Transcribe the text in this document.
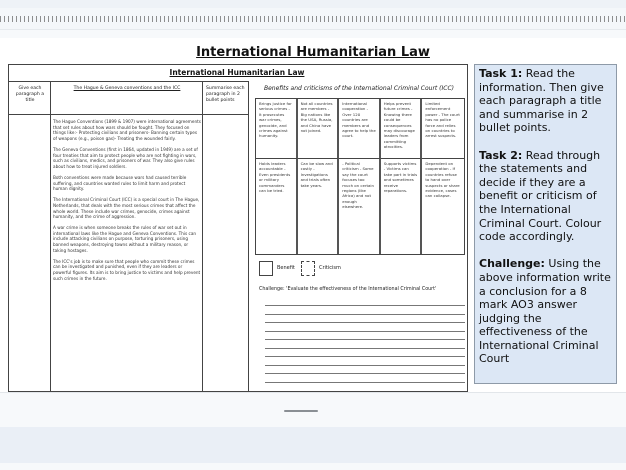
International Humanitarian Law
International Humanitarian Law
Give each paragraph a title
The Hague & Geneva conventions and the ICC	Summarise each paragraph in 2 bullet points

The Hague Conventions (1899 & 1907) were international agreements that set rules about how wars should be fought. They focused on things like:- Protecting civilians and prisoners- Banning certain types of weapons (e.g., poison gas)- Treating the wounded fairly.

The Geneva Conventions (first in 1864, updated in 1949) are a set of four treaties that aim to protect people who are not fighting in wars, such as civilians, medics, and prisoners of war. They also give rules about how to treat injured soldiers.

Both conventions were made because wars had caused terrible suffering, and countries wanted rules to limit harm and protect human dignity.

The International Criminal Court (ICC) is a special court in The Hague, Netherlands, that deals with the most serious crimes that affect the whole world. These include war crimes, genocide, crimes against humanity, and the crime of aggression.

A war crime is when someone breaks the rules of war set out in international laws like the Hague and Geneva Conventions. This can include attacking civilians on purpose, torturing prisoners, using banned weapons, destroying towns without a military reason, or taking hostages.

The ICC's job is to make sure that people who commit these crimes can be investigated and punished, even if they are leaders or powerful figures. Its aim is to bring justice to victims and help prevent such crimes in the future.

Benefits and criticisms of the International Criminal Court (ICC)
Brings justice for serious crimes - It prosecutes war crimes, genocide, and crimes against humanity.
Not all countries are members - Big nations like the USA, Russia, and China have not joined.
International cooperation - Over 120 countries are members and agree to help the court.
Helps prevent future crimes - Knowing there could be consequences may discourage leaders from committing atrocities.
Limited enforcement power - The court has no police force and relies on countries to arrest suspects.
Holds leaders accountable - Even presidents or military commanders can be tried.
Can be slow and costly - Investigations and trials often take years.
- Political criticism - Some say the court focuses too much on certain regions (like Africa) and not enough elsewhere.
Supports victims - Victims can take part in trials and sometimes receive reparations.
Dependent on cooperation - If countries refuse to hand over suspects or share evidence, cases can collapse.
Benefit	Criticism
Challenge: 'Evaluate the effectiveness of the International Criminal Court'

Task 1: Read the information. Then give each paragraph a title and summarise in 2 bullet points.

Task 2: Read through the statements and decide if they are a benefit or criticism of the International Criminal Court. Colour code accordingly.

Challenge: Using the above information write a conclusion for a 8 mark AO3 answer judging the effectiveness of the International Criminal Court
